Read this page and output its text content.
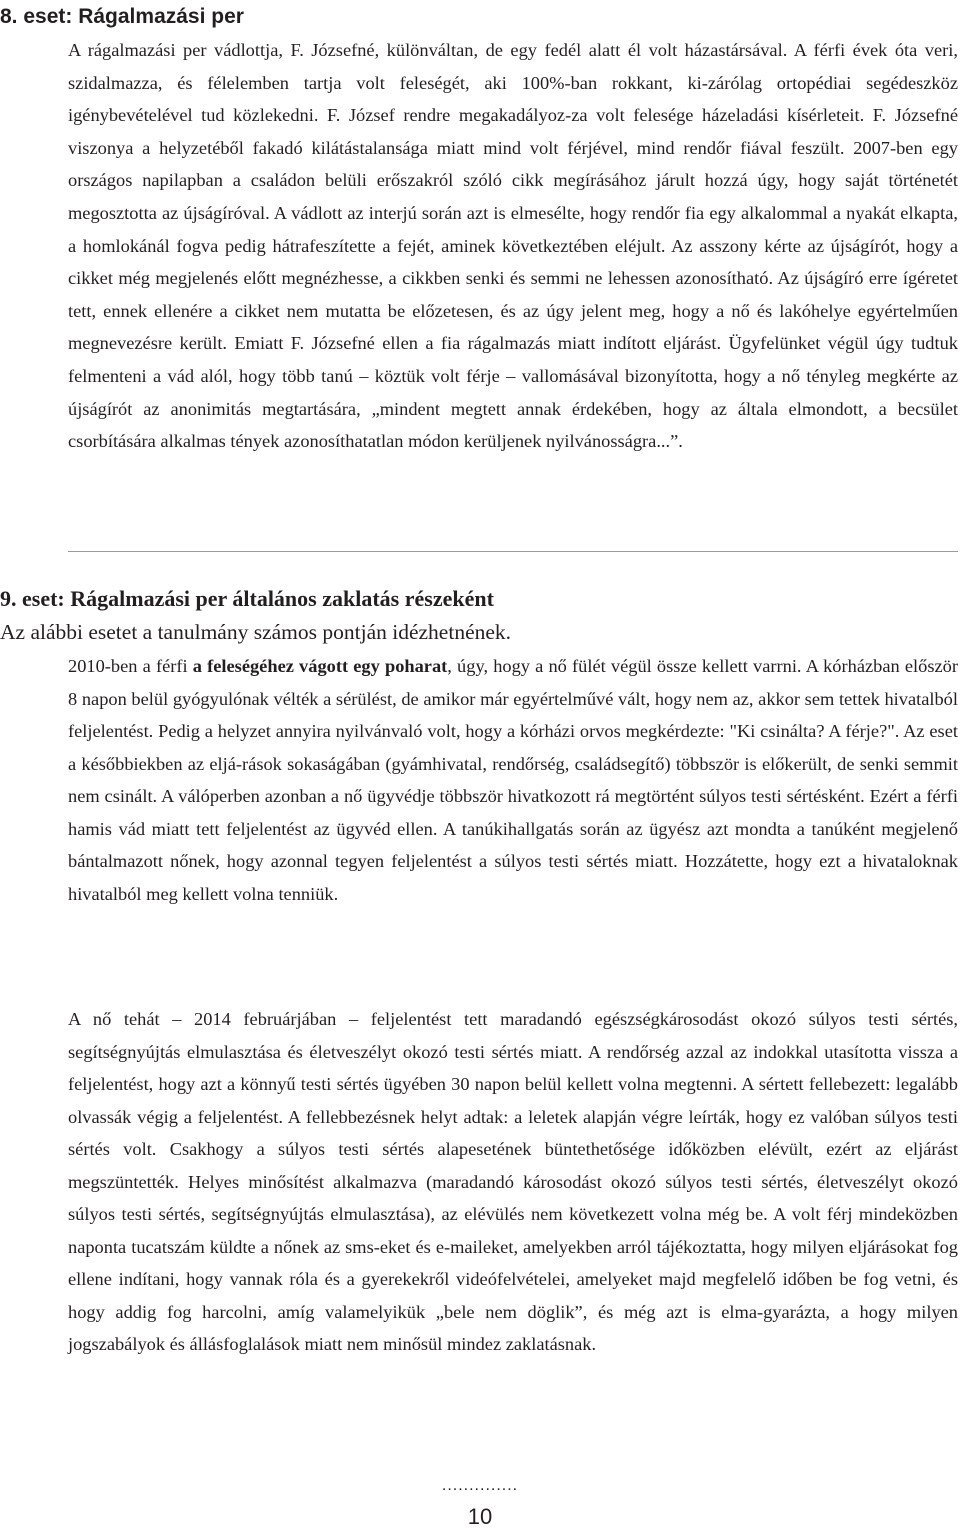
8. eset: Rágalmazási per

A rágalmazási per vádlottja, F. Józsefné, különváltan, de egy fedél alatt él volt házastársával. A férfi évek óta veri, szidalmazza, és félelemben tartja volt feleségét, aki 100%-ban rokkant, ki-zárólag ortopédiai segédeszköz igénybevételével tud közlekedni. F. József rendre megakadályoz-za volt felesége házeladási kísérleteit. F. Józsefné viszonya a helyzetéből fakadó kilátástalansága miatt mind volt férjével, mind rendőr fiával feszült. 2007-ben egy országos napilapban a családon belüli erőszakról szóló cikk megírásához járult hozzá úgy, hogy saját történetét megosztotta az újságíróval. A vádlott az interjú során azt is elmesélte, hogy rendőr fia egy alkalommal a nyakát elkapta, a homlokánál fogva pedig hátrafeszítette a fejét, aminek következtében eléjult. Az asszony kérte az újságírót, hogy a cikket még megjelenés előtt megnézhesse, a cikkben senki és semmi ne lehessen azonosítható. Az újságíró erre ígéretet tett, ennek ellenére a cikket nem mutatta be előzetesen, és az úgy jelent meg, hogy a nő és lakóhelye egyértelműen megnevezésre került. Emiatt F. Józsefné ellen a fia rágalmazás miatt indított eljárást. Ügyfelünket végül úgy tudtuk felmenteni a vád alól, hogy több tanú – köztük volt férje – vallomásával bizonyította, hogy a nő tényleg megkérte az újságírót az anonimitás megtartására, „mindent megtett annak érdekében, hogy az általa elmondott, a becsület csorbítására alkalmas tények azonosíthatatlan módon kerüljenek nyilvánosságra...”.

9. eset: Rágalmazási per általános zaklatás részeként

Az alábbi esetet a tanulmány számos pontján idézhetnének.

2010-ben a férfi a feleségéhez vágott egy poharat, úgy, hogy a nő fülét végül össze kellett varrni. A kórházban először 8 napon belül gyógyulónak vélték a sérülést, de amikor már egyértelművé vált, hogy nem az, akkor sem tettek hivatalból feljelentést. Pedig a helyzet annyira nyilvánvaló volt, hogy a kórházi orvos megkérdezte: "Ki csinálta? A férje?". Az eset a későbbiekben az eljá-rások sokaságában (gyámhivatal, rendőrség, családsegítő) többször is előkerült, de senki semmit nem csinált. A válóperben azonban a nő ügyvédje többször hivatkozott rá megtörtént súlyos testi sértésként. Ezért a férfi hamis vád miatt tett feljelentést az ügyvéd ellen. A tanúkihallgatás során az ügyész azt mondta a tanúként megjelenő bántalmazott nőnek, hogy azonnal tegyen feljelentést a súlyos testi sértés miatt. Hozzátette, hogy ezt a hivataloknak hivatalból meg kellett volna tenniük.

A nő tehát – 2014 februárjában – feljelentést tett maradandó egészségkárosodást okozó súlyos testi sértés, segítségnyújtás elmulasztása és életveszélyt okozó testi sértés miatt. A rendőrség azzal az indokkal utasította vissza a feljelentést, hogy azt a könnyű testi sértés ügyében 30 napon belül kellett volna megtenni. A sértett fellebezett: legalább olvassák végig a feljelentést. A fellebbezésnek helyt adtak: a leletek alapján végre leírták, hogy ez valóban súlyos testi sértés volt. Csakhogy a súlyos testi sértés alapesetének büntethetősége időközben elévült, ezért az eljárást megszüntették. Helyes minősítést alkalmazva (maradandó károsodást okozó súlyos testi sértés, életveszélyt okozó súlyos testi sértés, segítségnyújtás elmulasztása), az elévülés nem következett volna még be. A volt férj mindeközben naponta tucatszám küldte a nőnek az sms-eket és e-maileket, amelyekben arról tájékoztatta, hogy milyen eljárásokat fog ellene indítani, hogy vannak róla és a gyerekekről videófelvételei, amelyeket majd megfelelő időben be fog vetni, és hogy addig fog harcolni, amíg valamelyikük „bele nem döglik”, és még azt is elma-gyarázta, a hogy milyen jogszabályok és állásfoglalások miatt nem minősül mindez zaklatásnak.

..............
10
